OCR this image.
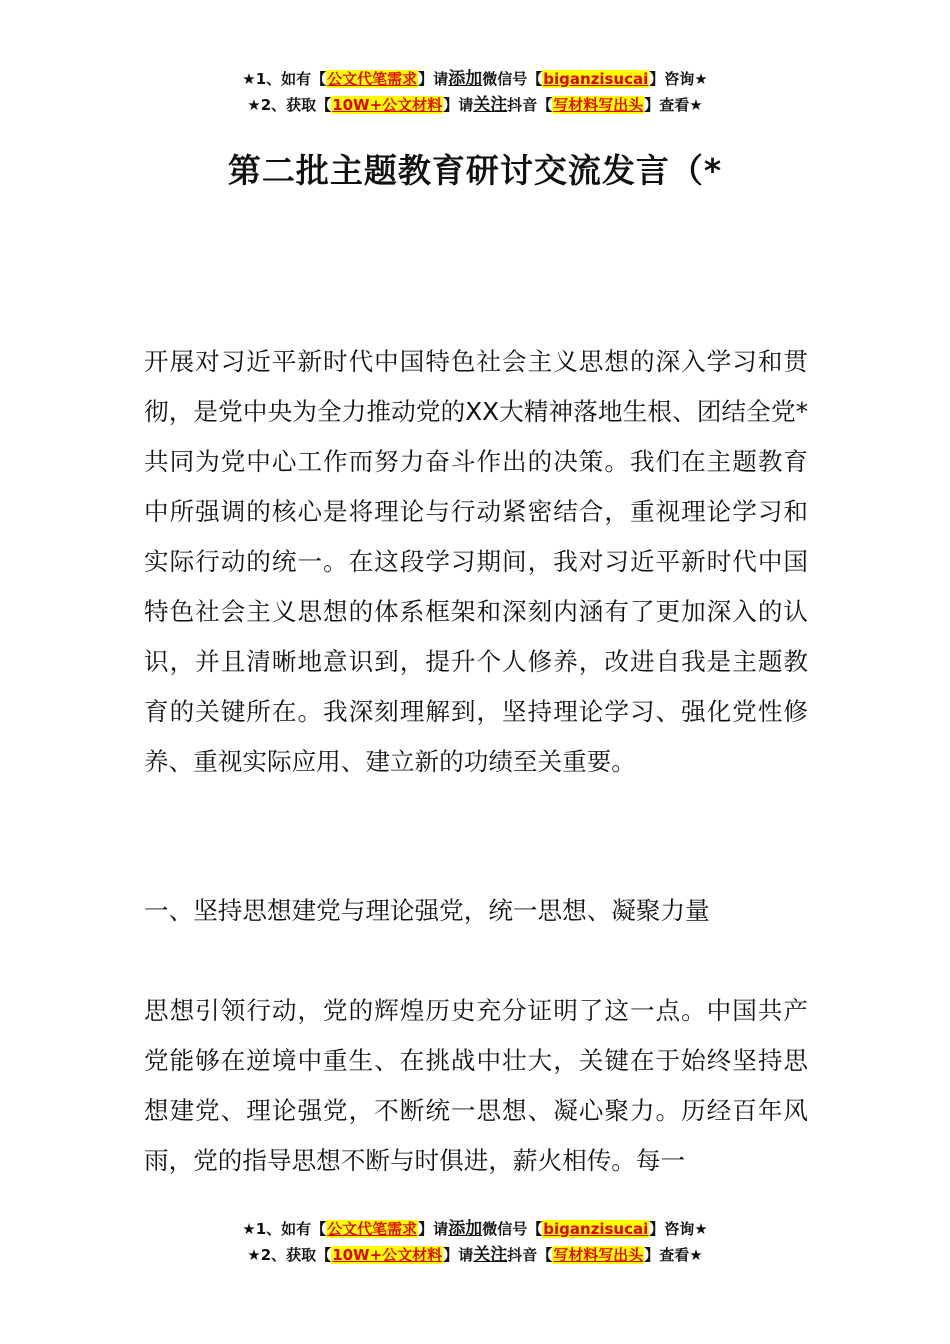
★1、如有【公文代笔需求】请添加微信号【biganzisucai】咨询★
★2、获取【10W+公文材料】请关注抖音【写材料写出头】查看★
第二批主题教育研讨交流发言（*
开展对习近平新时代中国特色社会主义思想的深入学习和贯彻，是党中央为全力推动党的XX大精神落地生根、团结全党*共同为党中心工作而努力奋斗作出的决策。我们在主题教育中所强调的核心是将理论与行动紧密结合，重视理论学习和实际行动的统一。在这段学习期间，我对习近平新时代中国特色社会主义思想的体系框架和深刻内涵有了更加深入的认识，并且清晰地意识到，提升个人修养，改进自我是主题教育的关键所在。我深刻理解到，坚持理论学习、强化党性修养、重视实际应用、建立新的功绩至关重要。
一、坚持思想建党与理论强党，统一思想、凝聚力量
思想引领行动，党的辉煌历史充分证明了这一点。中国共产党能够在逆境中重生、在挑战中壮大，关键在于始终坚持思想建党、理论强党，不断统一思想、凝心聚力。历经百年风雨，党的指导思想不断与时俱进，薪火相传。每一
★1、如有【公文代笔需求】请添加微信号【biganzisucai】咨询★
★2、获取【10W+公文材料】请关注抖音【写材料写出头】查看★
